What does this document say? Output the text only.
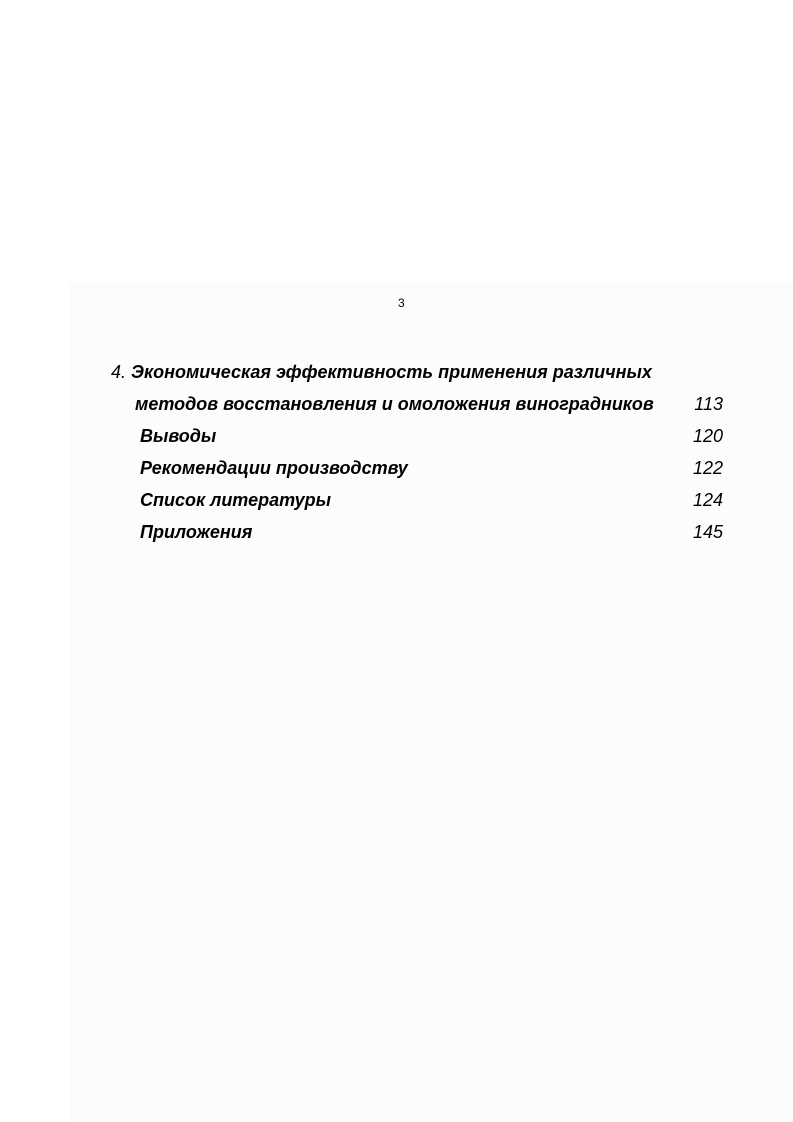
3
4. Экономическая эффективность применения различных
методов восстановления и омоложения виноградников	113
Выводы	120
Рекомендации производству	122
Список литературы	124
Приложения	145
